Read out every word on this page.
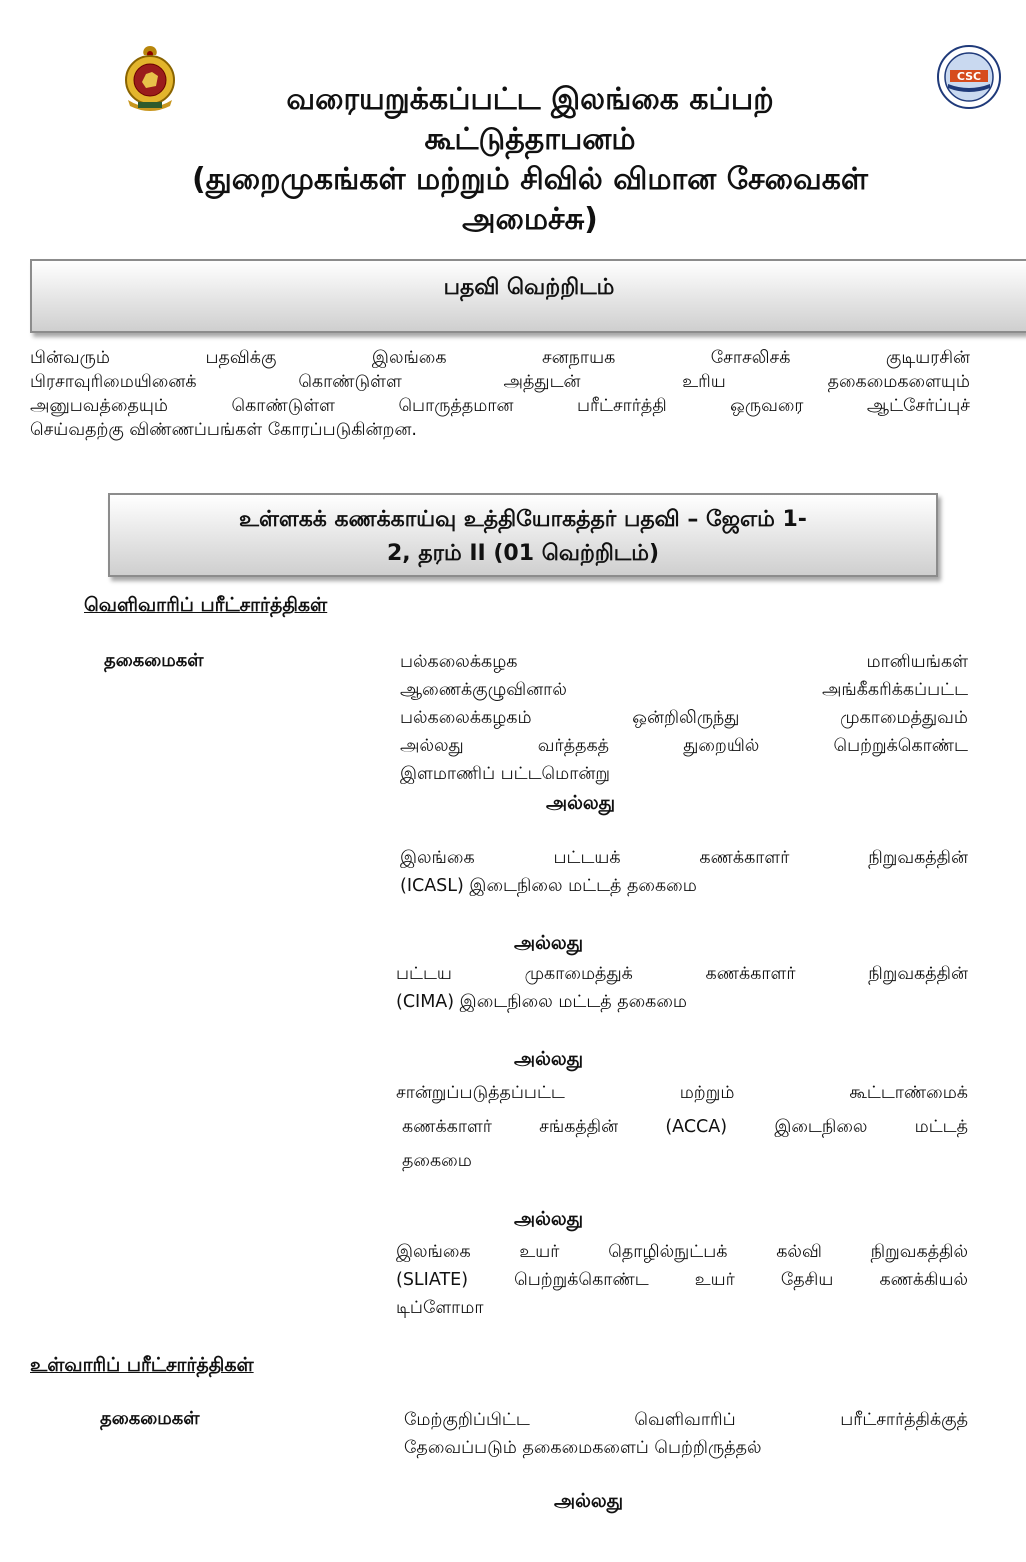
CSC
வரையறுக்கப்பட்ட இலங்கை கப்பற்
கூட்டுத்தாபனம்
(துறைமுகங்கள் மற்றும் சிவில் விமான சேவைகள்
அமைச்சு)
பதவி வெற்றிடம்
பின்வரும் பதவிக்கு இலங்கை சனநாயக சோசலிசக் குடியரசின்
பிரசாவுரிமையினைக் கொண்டுள்ள அத்துடன் உரிய தகைமைகளையும்
அனுபவத்தையும் கொண்டுள்ள பொருத்தமான பரீட்சார்த்தி ஒருவரை ஆட்சேர்ப்புச்
செய்வதற்கு விண்ணப்பங்கள் கோரப்படுகின்றன.
உள்ளகக் கணக்காய்வு உத்தியோகத்தர் பதவி – ஜேஎம் 1-
2, தரம் II (01 வெற்றிடம்)
வெளிவாரிப் பரீட்சார்த்திகள்
தகைமைகள்	பல்கலைக்கழக மானியங்கள்
ஆணைக்குழுவினால் அங்கீகரிக்கப்பட்ட
பல்கலைக்கழகம் ஒன்றிலிருந்து முகாமைத்துவம்
அல்லது வர்த்தகத் துறையில் பெற்றுக்கொண்ட
இளமாணிப் பட்டமொன்று
அல்லது
இலங்கை பட்டயக் கணக்காளர் நிறுவகத்தின்
(ICASL) இடைநிலை மட்டத் தகைமை
அல்லது
பட்டய முகாமைத்துக் கணக்காளர் நிறுவகத்தின்
(CIMA) இடைநிலை மட்டத் தகைமை
அல்லது
சான்றுப்படுத்தப்பட்ட மற்றும் கூட்டாண்மைக்
கணக்காளர் சங்கத்தின் (ACCA) இடைநிலை மட்டத்
தகைமை
அல்லது
இலங்கை உயர் தொழில்நுட்பக் கல்வி நிறுவகத்தில்
(SLIATE) பெற்றுக்கொண்ட உயர் தேசிய கணக்கியல்
டிப்ளோமா
உள்வாரிப் பரீட்சார்த்திகள்
தகைமைகள்	மேற்குறிப்பிட்ட வெளிவாரிப் பரீட்சார்த்திக்குத்
தேவைப்படும் தகைமைகளைப் பெற்றிருத்தல்
அல்லது
